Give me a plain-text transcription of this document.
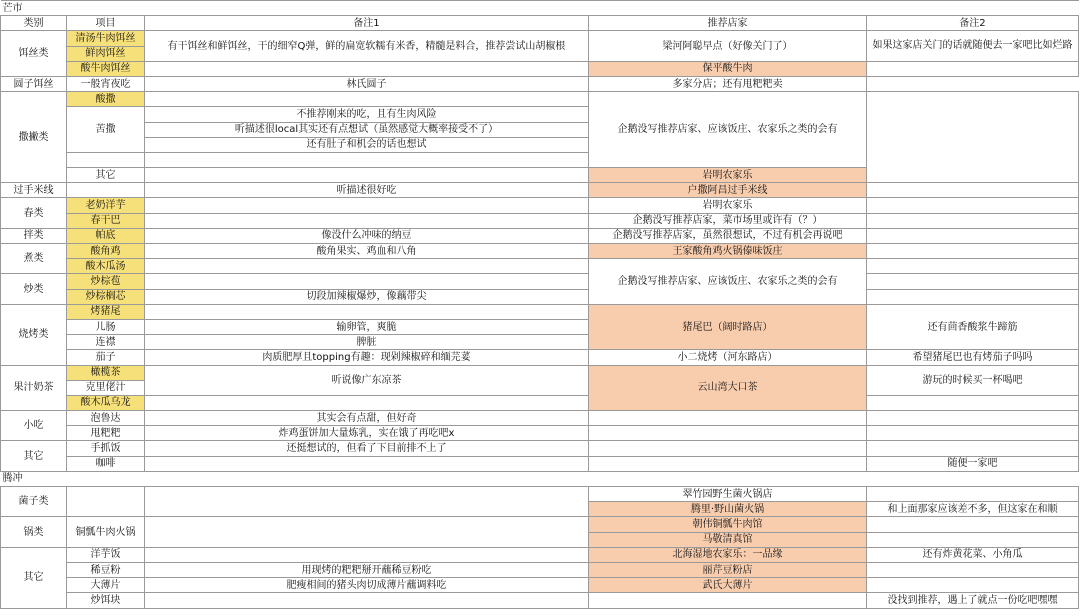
芒市				
类别	项目	备注1	推荐店家	备注2
饵丝类	清汤牛肉饵丝	有干饵丝和鲜饵丝，干的细窄Q弹，鲜的扁宽软糯有米香，精髓是料合，推荐尝试山胡椒根	梁河阿聪早点（好像关门了）	如果这家店关门的话就随便去一家吧比如烂路
	鲜肉饵丝			
	酸牛肉饵丝		保平酸牛肉	
圆子饵丝	一般宵夜吃	林氏圆子	多家分店；还有甩粑粑卖	
撒撇类	酸撒		企鹅没写推荐店家、应该饭庄、农家乐之类的会有	
	苦撒	不推荐刚来的吃，且有生肉风险		
		听描述很local其实还有点想试（虽然感觉大概率接受不了）		
		还有肚子和机会的话也想试		

	其它		岩明农家乐	
过手米线		听描述很好吃	户撒阿昌过手米线	
春类	老奶洋芋		岩明农家乐	
	春干巴		企鹅没写推荐店家，菜市场里或许有（？）	
拌类	帕底	像没什么冲味的纳豆	企鹅没写推荐店家，虽然很想试，不过有机会再说吧	
煮类	酸角鸡	酸角果实、鸡血和八角	王家酸角鸡火锅傣味饭庄	
	酸木瓜汤		企鹅没写推荐店家、应该饭庄、农家乐之类的会有	
炒类	炒棕苞			
	炒棕榈芯	切段加辣椒爆炒，像藕带尖		
烧烤类	烤猪尾		猪尾巴（阔时路店）	还有茴香酸浆牛蹄筋
	儿肠	输卵管，爽脆		
	连襟	脾脏		
	茄子	肉质肥厚且topping有趣：现剁辣椒碎和缅芫荽	小二烧烤（河东路店）	希望猪尾巴也有烤茄子吗吗
果汁奶茶	橄榄茶	听说像广东凉茶	云山湾大口茶	游玩的时候买一杯喝吧
	克里佬汁			
	酸木瓜乌龙			
小吃	泡鲁达	其实会有点甜，但好奇		
	甩粑粑	炸鸡蛋饼加大量炼乳，实在饿了再吃吧x		
其它	手抓饭	还挺想试的，但看了下目前排不上了		
	咖啡			随便一家吧
腾冲				
菌子类			翠竹园野生菌火锅店	
			腾里·野山菌火锅	和上面那家应该差不多，但这家在和顺
锅类	铜瓢牛肉火锅		朝伟铜瓢牛肉馆	
			马敬清真馆	
其它	洋芋饭		北海湿地农家乐：一品缘	还有炸黄花菜、小角瓜
	稀豆粉	用现烤的粑粑掰开蘸稀豆粉吃	丽芹豆粉店	
	大薄片	肥瘦相间的猪头肉切成薄片蘸调料吃	武氏大薄片	
	炒饵块			没找到推荐，遇上了就点一份吃吧嘿嘿
